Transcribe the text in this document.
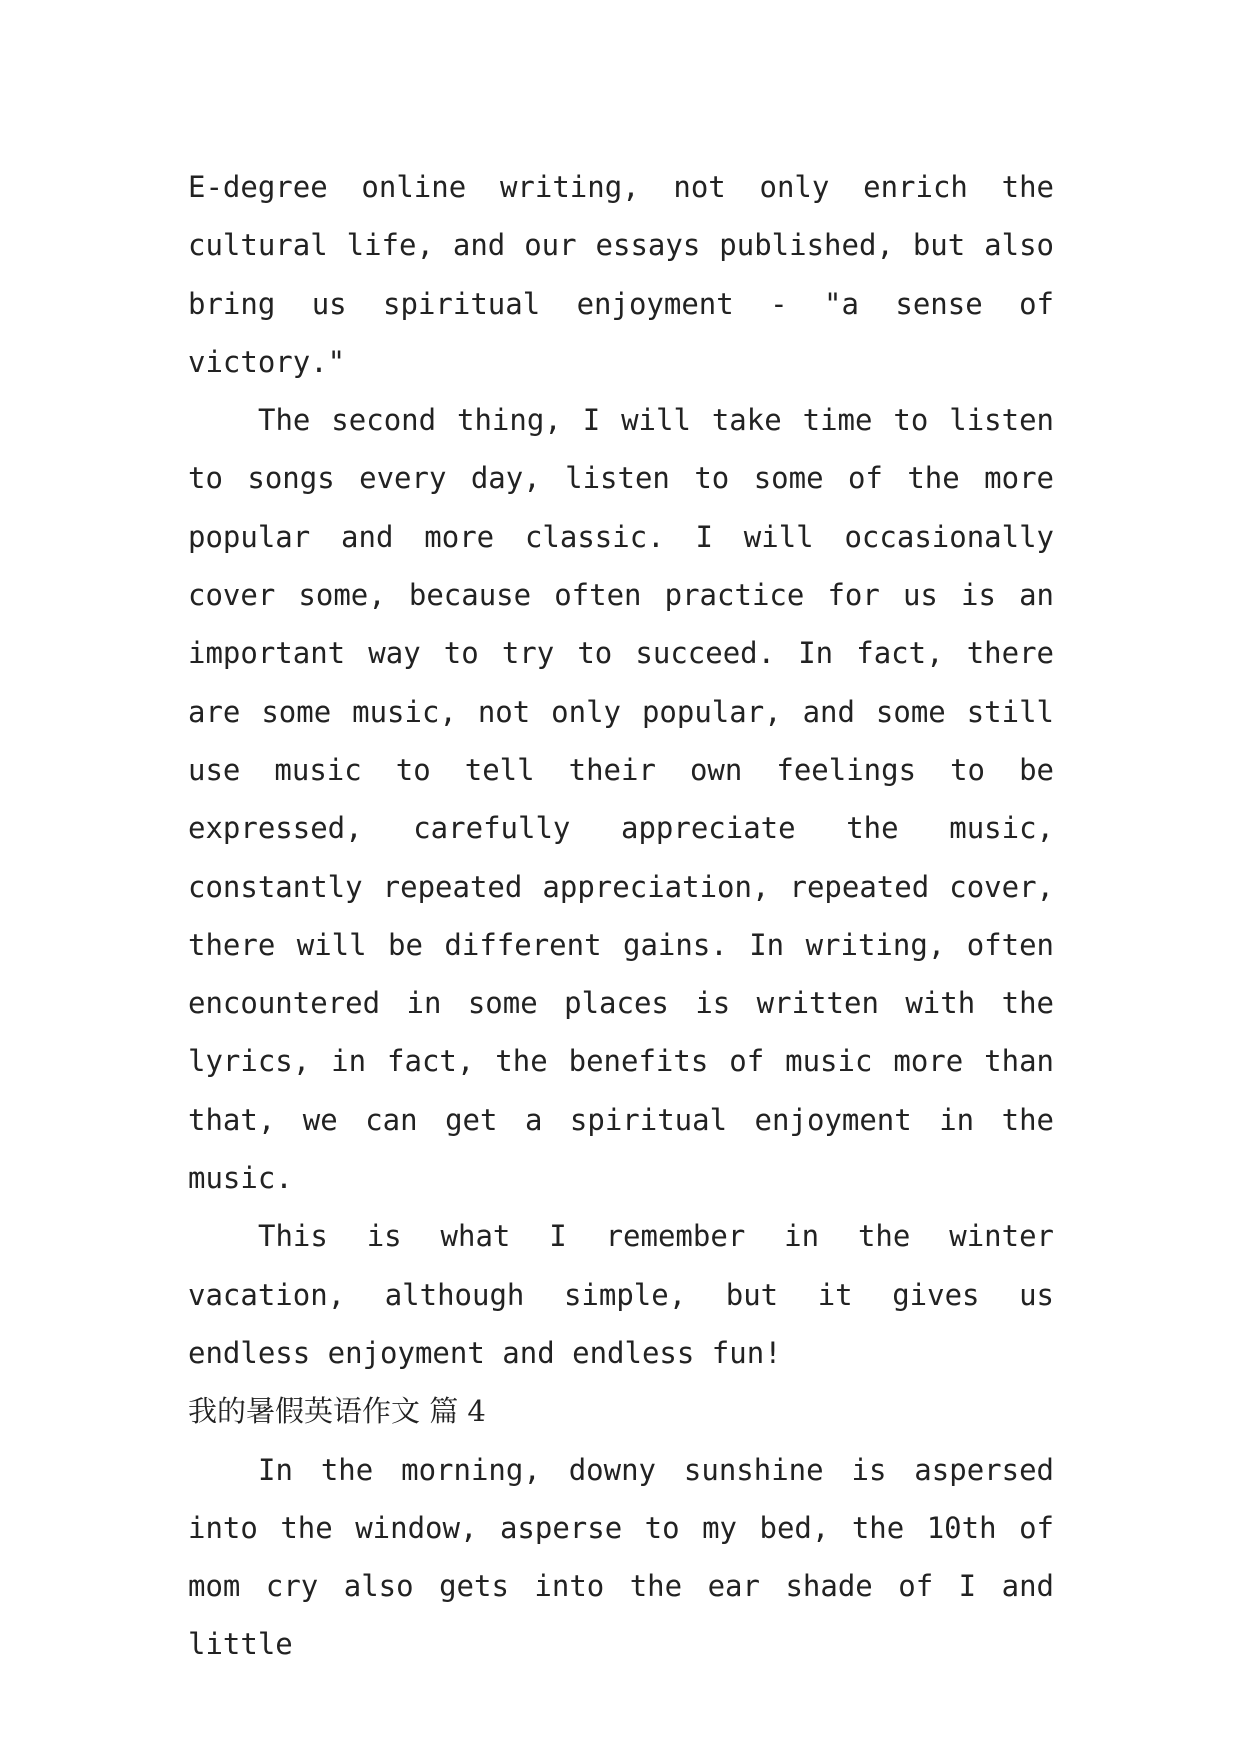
E-degree online writing, not only enrich the cultural life, and our essays published, but also bring us spiritual enjoyment - "a sense of victory."

The second thing, I will take time to listen to songs every day, listen to some of the more popular and more classic. I will occasionally cover some, because often practice for us is an important way to try to succeed. In fact, there are some music, not only popular, and some still use music to tell their own feelings to be expressed, carefully appreciate the music, constantly repeated appreciation, repeated cover, there will be different gains. In writing, often encountered in some places is written with the lyrics, in fact, the benefits of music more than that, we can get a spiritual enjoyment in the music.

This is what I remember in the winter vacation, although simple, but it gives us endless enjoyment and endless fun!

我的暑假英语作文 篇 4

In the morning, downy sunshine is aspersed into the window, asperse to my bed, the 10th of mom cry also gets into the ear shade of I and little
